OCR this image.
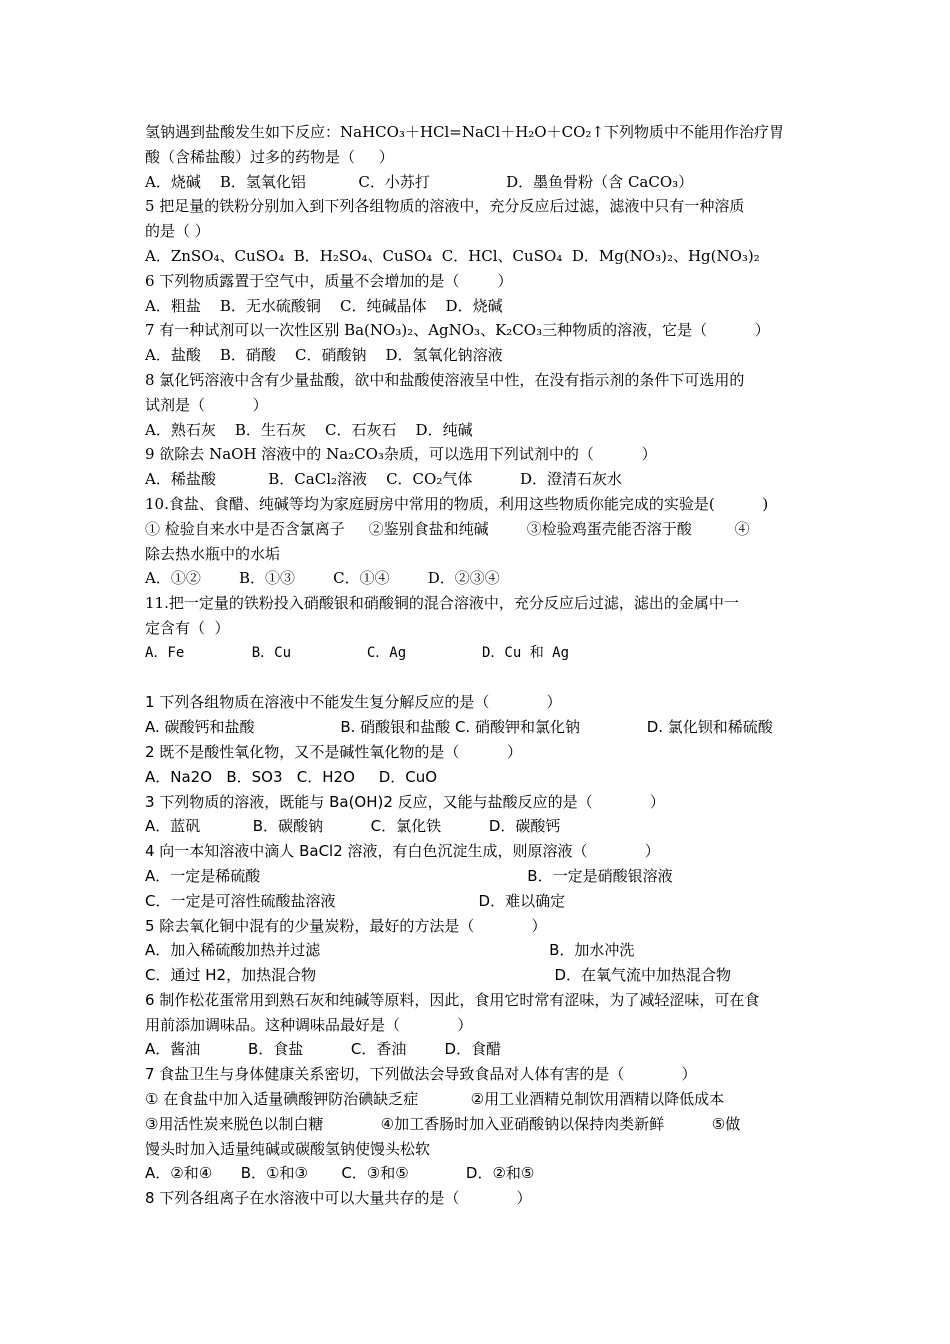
氢钠遇到盐酸发生如下反应：NaHCO₃＋HCl=NaCl＋H₂O＋CO₂↑下列物质中不能用作治疗胃
酸（含稀盐酸）过多的药物是（     ）
A．烧碱    B．氢氧化铝           C．小苏打                D．墨鱼骨粉（含 CaCO₃）
5 把足量的铁粉分别加入到下列各组物质的溶液中，充分反应后过滤，滤液中只有一种溶质
的是（ ）
A．ZnSO₄、CuSO₄  B．H₂SO₄、CuSO₄  C．HCl、CuSO₄  D．Mg(NO₃)₂、Hg(NO₃)₂
6 下列物质露置于空气中，质量不会增加的是（        ）
A．粗盐    B．无水硫酸铜    C．纯碱晶体    D．烧碱
7 有一种试剂可以一次性区别 Ba(NO₃)₂、AgNO₃、K₂CO₃三种物质的溶液，它是（          ）
A．盐酸    B．硝酸    C．硝酸钠    D．氢氧化钠溶液
8 氯化钙溶液中含有少量盐酸，欲中和盐酸使溶液呈中性，在没有指示剂的条件下可选用的
试剂是（          ）
A．熟石灰    B．生石灰    C．石灰石    D．纯碱
9 欲除去 NaOH 溶液中的 Na₂CO₃杂质，可以选用下列试剂中的（          ）
A．稀盐酸           B．CaCl₂溶液    C．CO₂气体          D．澄清石灰水
10.食盐、食醋、纯碱等均为家庭厨房中常用的物质，利用这些物质你能完成的实验是(          )
① 检验自来水中是否含氯离子     ②鉴别食盐和纯碱        ③检验鸡蛋壳能否溶于酸         ④
除去热水瓶中的水垢
A．①②        B．①③        C．①④        D．②③④
11.把一定量的铁粉投入硝酸银和硝酸铜的混合溶液中，充分反应后过滤，滤出的金属中一
定含有（  ）
A．Fe        B．Cu         C．Ag         D．Cu 和 Ag
1 下列各组物质在溶液中不能发生复分解反应的是（            ）
A. 碳酸钙和盐酸                  B. 硝酸银和盐酸 C. 硝酸钾和氯化钠              D. 氯化钡和稀硫酸
2 既不是酸性氧化物，又不是碱性氧化物的是（          ）
A．Na2O   B．SO3   C．H2O     D．CuO
3 下列物质的溶液，既能与 Ba(OH)2 反应，又能与盐酸反应的是（            ）
A．蓝矾           B．碳酸钠          C．氯化铁          D．碳酸钙
4 向一本知溶液中滴人 BaCl2 溶液，有白色沉淀生成，则原溶液（            ）
A．一定是稀硫酸                                                        B．一定是硝酸银溶液
C．一定是可溶性硫酸盐溶液                              D．难以确定
5 除去氧化铜中混有的少量炭粉，最好的方法是（            ）
A．加入稀硫酸加热并过滤                                                B．加水冲洗
C．通过 H2，加热混合物                                                  D．在氧气流中加热混合物
6 制作松花蛋常用到熟石灰和纯碱等原料，因此，食用它时常有涩味，为了减轻涩味，可在食
用前添加调味品。这种调味品最好是（            ）
A．酱油          B．食盐          C．香油        D．食醋
7 食盐卫生与身体健康关系密切，下列做法会导致食品对人体有害的是（            ）
① 在食盐中加入适量碘酸钾防治碘缺乏症           ②用工业酒精兑制饮用酒精以降低成本
③用活性炭来脱色以制白糖            ④加工香肠时加入亚硝酸钠以保持肉类新鲜          ⑤做
馒头时加入适量纯碱或碳酸氢钠使馒头松软
A．②和④      B．①和③       C．③和⑤            D．②和⑤
8 下列各组离子在水溶液中可以大量共存的是（            ）
